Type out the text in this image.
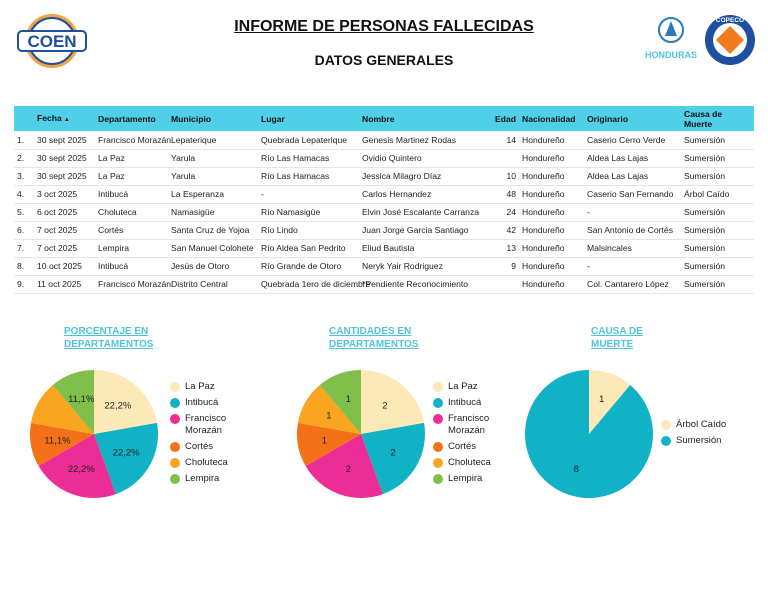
COEN
HONDURAS
COPECO
INFORME DE PERSONAS FALLECIDAS
DATOS GENERALES
	Fecha ▲	Departamento	Municipio	Lugar	Nombre	Edad	Nacionalidad	Originario	Causa de Muerte
1.	30 sept 2025	Francisco Morazán	Lepaterique	Quebrada Lepaterique	Genesis Martinez Rodas	14	Hondureño	Caserio Cerro Verde	Sumersión
2.	30 sept 2025	La Paz	Yarula	Río Las Hamacas	Ovidio Quintero		Hondureño	Aldea Las Lajas	Sumersión
3.	30 sept 2025	La Paz	Yarula	Río Las Hamacas	Jessica Milagro Díaz	10	Hondureño	Aldea Las Lajas	Sumersión
4.	3 oct 2025	Intibucá	La Esperanza	-	Carlos Hernandez	48	Hondureño	Caserio San Fernando	Árbol Caído
5.	6 oct 2025	Choluteca	Namasigüe	Río Namasigüe	Elvin José Escalante Carranza	24	Hondureño	-	Sumersión
6.	7 oct 2025	Cortés	Santa Cruz de Yojoa	Río Lindo	Juan Jorge Garcia Santiago	42	Hondureño	San Antonio de Cortés	Sumersión
7.	7 oct 2025	Lempira	San Manuel Colohete	Río Aldea San Pedrito	Eliud Bautista	13	Hondureño	Malsincales	Sumersión
8.	10 oct 2025	Intibucá	Jesús de Otoro	Río Grande de Otoro	Neryk Yair Rodriguez	9	Hondureño	-	Sumersión
9.	11 oct 2025	Francisco Morazán	Distrito Central	Quebrada 1ero de diciembre	*Pendiente Reconocimiento		Hondureño	Col. Cantarero López	Sumersión
PORCENTAJE EN DEPARTAMENTOS
22,2%
22,2%
22,2%
11,1%
11,1%
La Paz
Intibucá
Francisco Morazán
Cortés
Choluteca
Lempira
CANTIDADES EN DEPARTAMENTOS
2
2
2
1
1
1
La Paz
Intibucá
Francisco Morazán
Cortés
Choluteca
Lempira
CAUSA DE MUERTE
1
8
Árbol Caído
Sumersión
